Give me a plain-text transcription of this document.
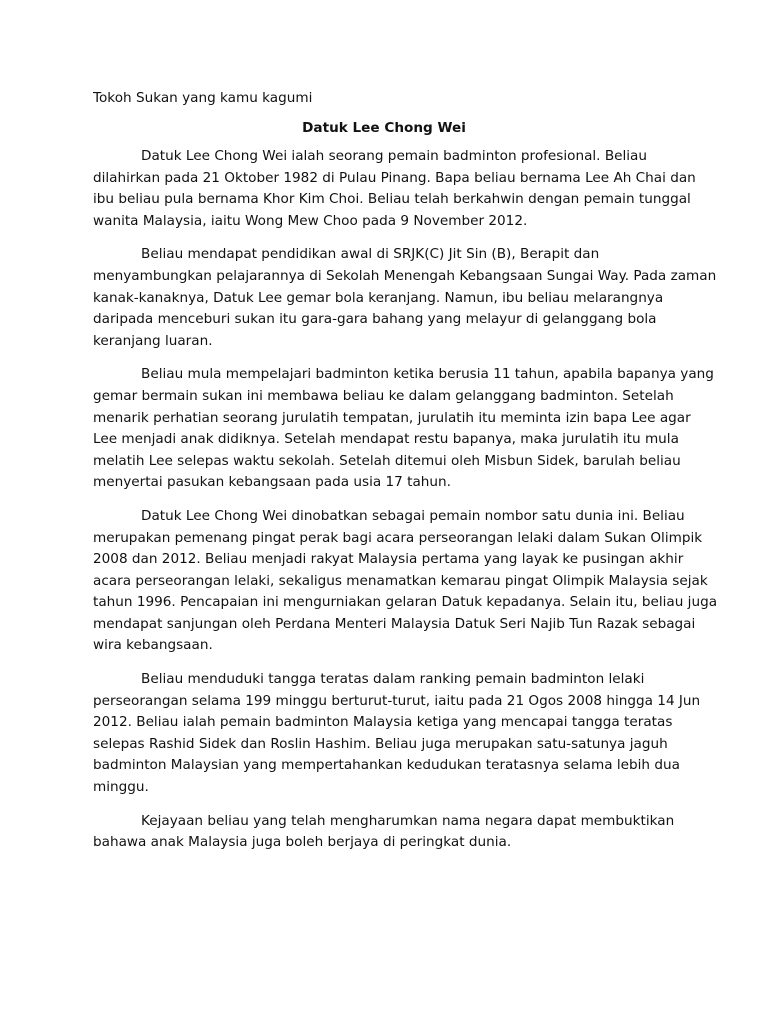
Tokoh Sukan yang kamu kagumi

Datuk Lee Chong Wei

Datuk Lee Chong Wei ialah seorang pemain badminton profesional. Beliau
dilahirkan pada 21 Oktober 1982 di Pulau Pinang. Bapa beliau bernama Lee Ah Chai dan
ibu beliau pula bernama Khor Kim Choi. Beliau telah berkahwin dengan pemain tunggal
wanita Malaysia, iaitu Wong Mew Choo pada 9 November 2012.
Beliau mendapat pendidikan awal di SRJK(C) Jit Sin (B), Berapit dan
menyambungkan pelajarannya di Sekolah Menengah Kebangsaan Sungai Way. Pada zaman
kanak-kanaknya, Datuk Lee gemar bola keranjang. Namun, ibu beliau melarangnya
daripada menceburi sukan itu gara-gara bahang yang melayur di gelanggang bola
keranjang luaran.
Beliau mula mempelajari badminton ketika berusia 11 tahun, apabila bapanya yang
gemar bermain sukan ini membawa beliau ke dalam gelanggang badminton. Setelah
menarik perhatian seorang jurulatih tempatan, jurulatih itu meminta izin bapa Lee agar
Lee menjadi anak didiknya. Setelah mendapat restu bapanya, maka jurulatih itu mula
melatih Lee selepas waktu sekolah. Setelah ditemui oleh Misbun Sidek, barulah beliau
menyertai pasukan kebangsaan pada usia 17 tahun.
Datuk Lee Chong Wei dinobatkan sebagai pemain nombor satu dunia ini. Beliau
merupakan pemenang pingat perak bagi acara perseorangan lelaki dalam Sukan Olimpik
2008 dan 2012. Beliau menjadi rakyat Malaysia pertama yang layak ke pusingan akhir
acara perseorangan lelaki, sekaligus menamatkan kemarau pingat Olimpik Malaysia sejak
tahun 1996. Pencapaian ini mengurniakan gelaran Datuk kepadanya. Selain itu, beliau juga
mendapat sanjungan oleh Perdana Menteri Malaysia Datuk Seri Najib Tun Razak sebagai
wira kebangsaan.
Beliau menduduki tangga teratas dalam ranking pemain badminton lelaki
perseorangan selama 199 minggu berturut-turut, iaitu pada 21 Ogos 2008 hingga 14 Jun
2012. Beliau ialah pemain badminton Malaysia ketiga yang mencapai tangga teratas
selepas Rashid Sidek dan Roslin Hashim. Beliau juga merupakan satu-satunya jaguh
badminton Malaysian yang mempertahankan kedudukan teratasnya selama lebih dua
minggu.
Kejayaan beliau yang telah mengharumkan nama negara dapat membuktikan
bahawa anak Malaysia juga boleh berjaya di peringkat dunia.
